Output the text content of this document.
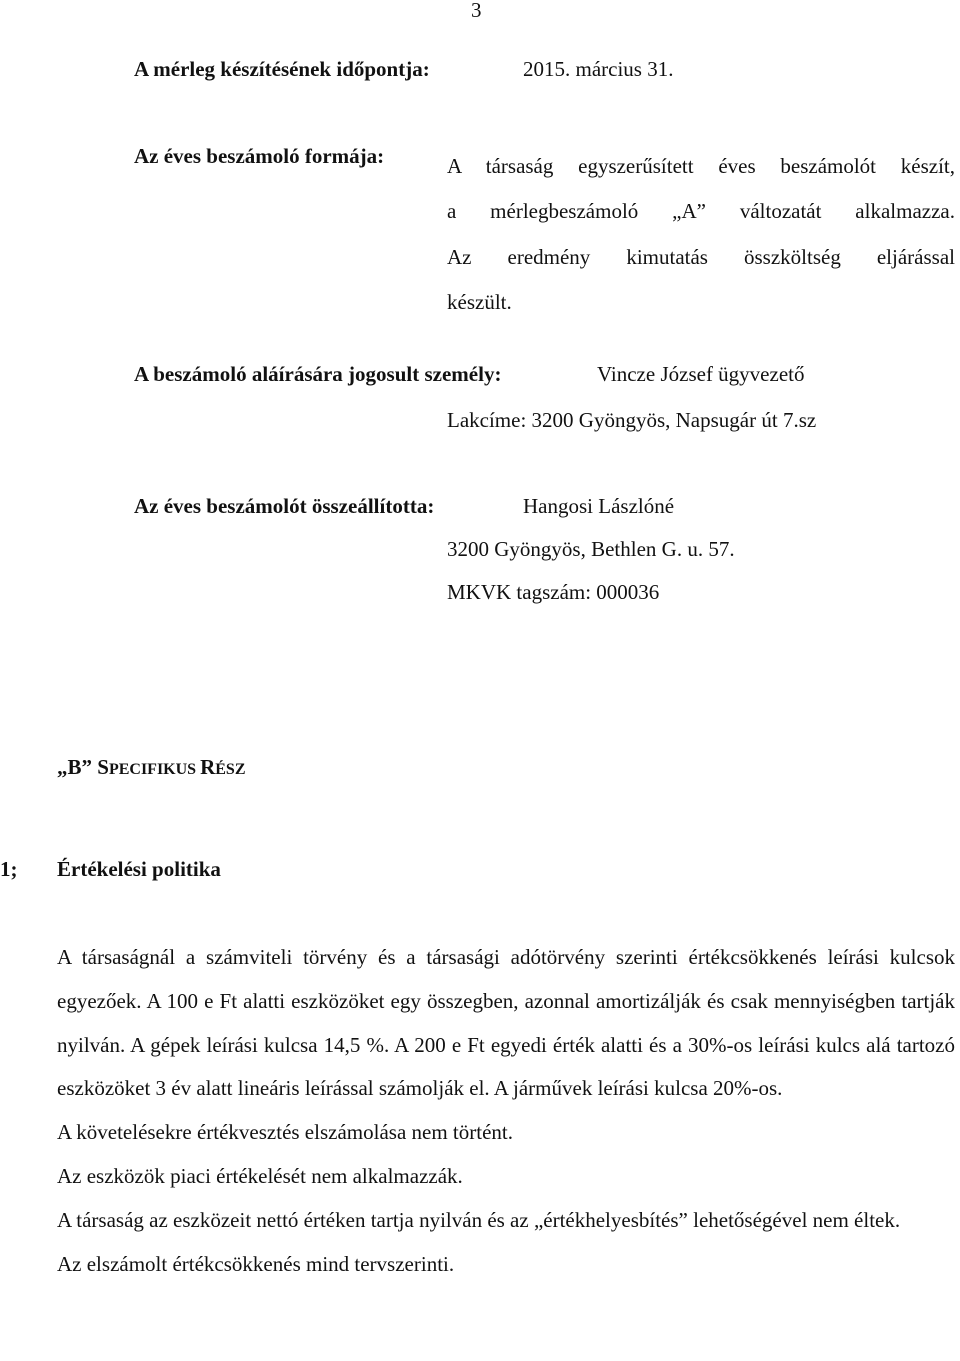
3
A mérleg készítésének időpontja:	2015. március 31.
Az éves beszámoló formája:	A társaság egyszerűsített éves beszámolót készít,
a mérlegbeszámoló „A” változatát alkalmazza.
Az eredmény kimutatás összköltség eljárással
készült.
A beszámoló aláírására jogosult személy:	Vincze József ügyvezető
Lakcíme: 3200 Gyöngyös, Napsugár út 7.sz
Az éves beszámolót összeállította:	Hangosi Lászlóné
3200 Gyöngyös, Bethlen G. u. 57.
MKVK tagszám: 000036
„B” SPECIFIKUS RÉSZ
1; Értékelési politika

A társaságnál a számviteli törvény és a társasági adótörvény szerinti értékcsökkenés leírási kulcsok egyezőek. A 100 e Ft alatti eszközöket egy összegben, azonnal amortizálják és csak mennyiségben tartják nyilván. A gépek leírási kulcsa 14,5 %. A 200 e Ft egyedi érték alatti és a 30%-os leírási kulcs alá tartozó eszközöket 3 év alatt lineáris leírással számolják el. A járművek leírási kulcsa 20%-os.

A követelésekre értékvesztés elszámolása nem történt.

Az eszközök piaci értékelését nem alkalmazzák.

A társaság az eszközeit nettó értéken tartja nyilván és az „értékhelyesbítés” lehetőségével nem éltek.

Az elszámolt értékcsökkenés mind tervszerinti.
